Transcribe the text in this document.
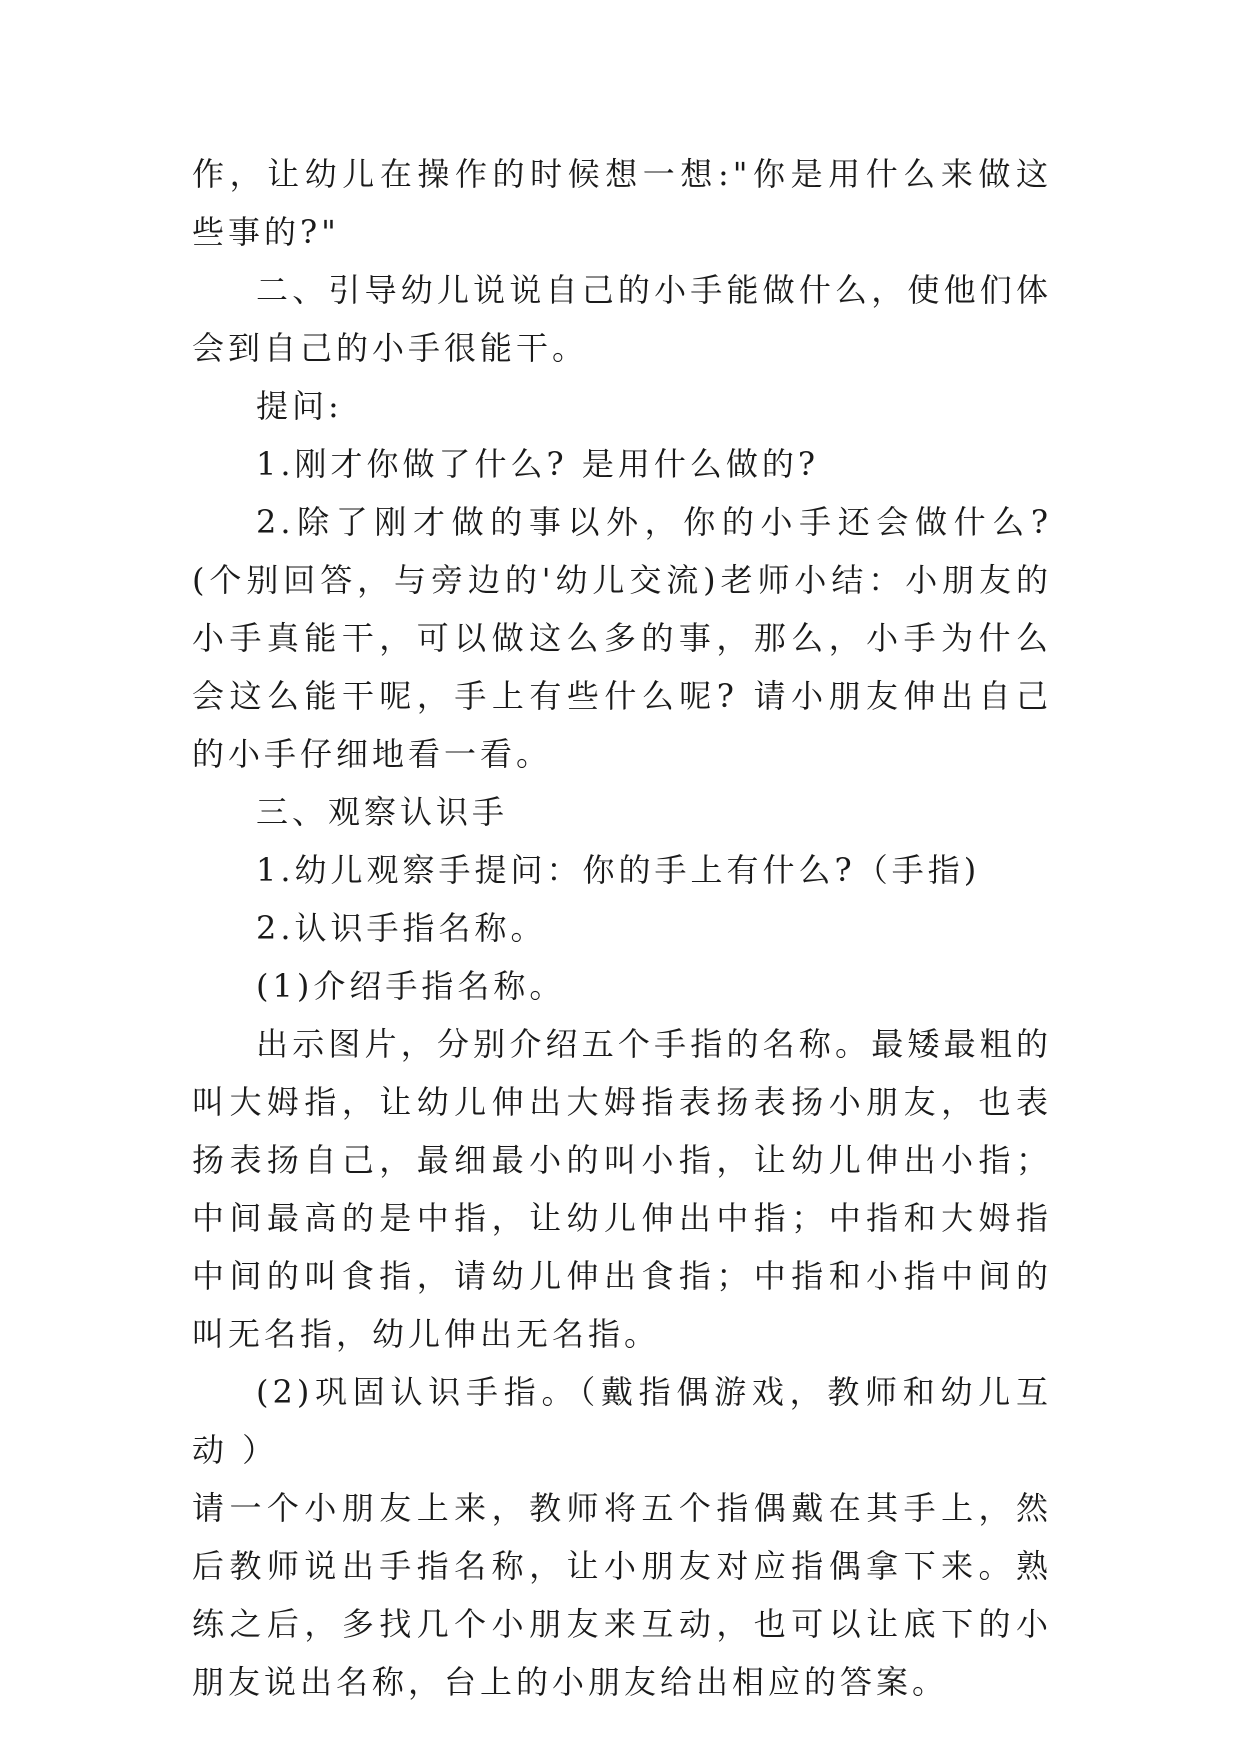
作，让幼儿在操作的时候想一想:"你是用什么来做这些事的?"

二、引导幼儿说说自己的小手能做什么，使他们体会到自己的小手很能干。

提问:

1.刚才你做了什么? 是用什么做的?

2.除了刚才做的事以外，你的小手还会做什么?(个别回答，与旁边的'幼儿交流)老师小结：小朋友的小手真能干，可以做这么多的事，那么，小手为什么会这么能干呢，手上有些什么呢? 请小朋友伸出自己的小手仔细地看一看。

三、观察认识手

1.幼儿观察手提问：你的手上有什么?（手指)

2.认识手指名称。

(1)介绍手指名称。

出示图片，分别介绍五个手指的名称。最矮最粗的叫大姆指，让幼儿伸出大姆指表扬表扬小朋友，也表扬表扬自己，最细最小的叫小指，让幼儿伸出小指；中间最高的是中指，让幼儿伸出中指；中指和大姆指中间的叫食指，请幼儿伸出食指；中指和小指中间的叫无名指，幼儿伸出无名指。

(2)巩固认识手指。（戴指偶游戏，教师和幼儿互动 ）

请一个小朋友上来，教师将五个指偶戴在其手上，然后教师说出手指名称，让小朋友对应指偶拿下来。熟练之后，多找几个小朋友来互动，也可以让底下的小朋友说出名称，台上的小朋友给出相应的答案。
